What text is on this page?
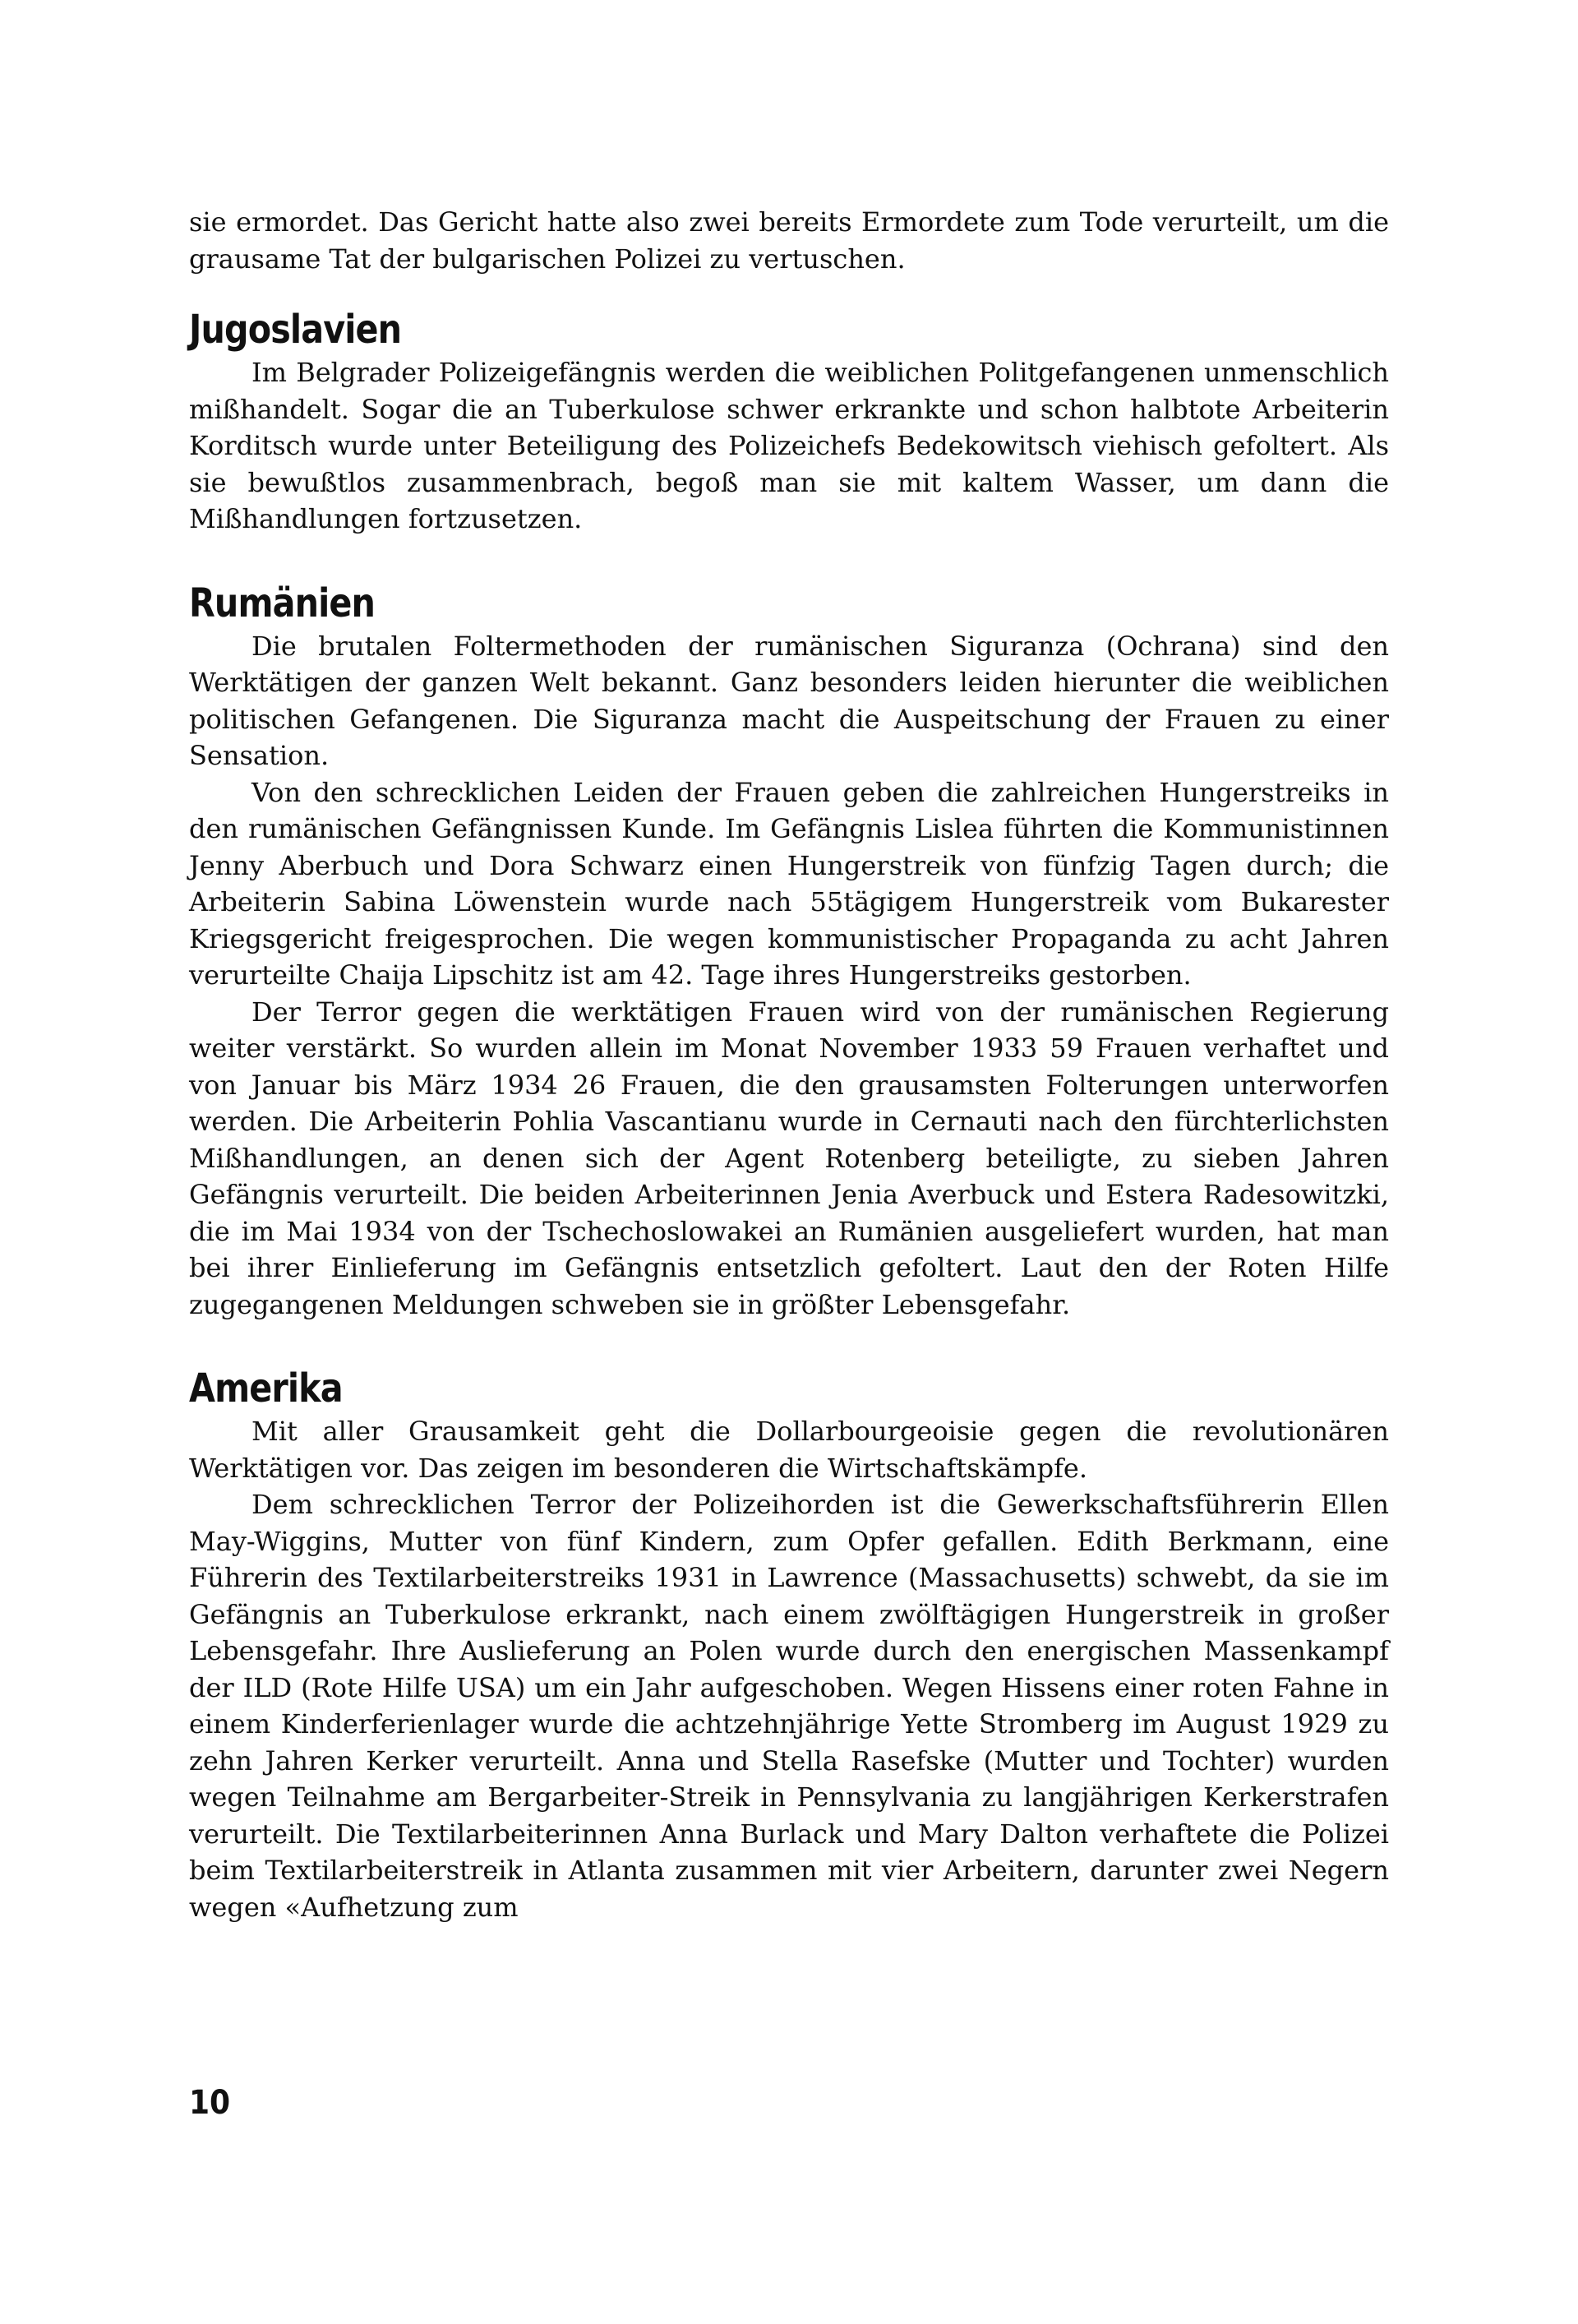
sie ermordet. Das Gericht hatte also zwei bereits Ermordete zum Tode verurteilt, um die grausame Tat der bulgarischen Polizei zu vertuschen.

Jugoslavien

Im Belgrader Polizeigefängnis werden die weiblichen Politgefangenen unmenschlich mißhandelt. Sogar die an Tuberkulose schwer erkrankte und schon halbtote Arbeiterin Korditsch wurde unter Beteiligung des Polizeichefs Bedekowitsch viehisch gefoltert. Als sie bewußtlos zusammenbrach, begoß man sie mit kaltem Wasser, um dann die Mißhandlungen fortzusetzen.

Rumänien

Die brutalen Foltermethoden der rumänischen Siguranza (Ochrana) sind den Werktätigen der ganzen Welt bekannt. Ganz besonders leiden hierunter die weiblichen politischen Gefangenen. Die Siguranza macht die Auspeitschung der Frauen zu einer Sensation.

Von den schrecklichen Leiden der Frauen geben die zahlreichen Hungerstreiks in den rumänischen Gefängnissen Kunde. Im Gefängnis Lislea führten die Kommunistinnen Jenny Aberbuch und Dora Schwarz einen Hungerstreik von fünfzig Tagen durch; die Arbeiterin Sabina Löwenstein wurde nach 55tägigem Hungerstreik vom Bukarester Kriegsgericht freigesprochen. Die wegen kommunistischer Propaganda zu acht Jahren verurteilte Chaija Lipschitz ist am 42. Tage ihres Hungerstreiks gestorben.

Der Terror gegen die werktätigen Frauen wird von der rumänischen Regierung weiter verstärkt. So wurden allein im Monat November 1933 59 Frauen verhaftet und von Januar bis März 1934 26 Frauen, die den grausamsten Folterungen unterworfen werden. Die Arbeiterin Pohlia Vascantianu wurde in Cernauti nach den fürchterlichsten Mißhandlungen, an denen sich der Agent Rotenberg beteiligte, zu sieben Jahren Gefängnis verurteilt. Die beiden Arbeiterinnen Jenia Averbuck und Estera Radesowitzki, die im Mai 1934 von der Tschechoslowakei an Rumänien ausgeliefert wurden, hat man bei ihrer Einlieferung im Gefängnis entsetzlich gefoltert. Laut den der Roten Hilfe zugegangenen Meldungen schweben sie in größter Lebensgefahr.

Amerika

Mit aller Grausamkeit geht die Dollarbourgeoisie gegen die revolutionären Werktätigen vor. Das zeigen im besonderen die Wirtschaftskämpfe.

Dem schrecklichen Terror der Polizeihorden ist die Gewerkschaftsführerin Ellen May-Wiggins, Mutter von fünf Kindern, zum Opfer gefallen. Edith Berkmann, eine Führerin des Textilarbeiterstreiks 1931 in Lawrence (Massachusetts) schwebt, da sie im Gefängnis an Tuberkulose erkrankt, nach einem zwölftägigen Hungerstreik in großer Lebensgefahr. Ihre Auslieferung an Polen wurde durch den energischen Massenkampf der ILD (Rote Hilfe USA) um ein Jahr aufgeschoben. Wegen Hissens einer roten Fahne in einem Kinderferienlager wurde die achtzehnjährige Yette Stromberg im August 1929 zu zehn Jahren Kerker verurteilt. Anna und Stella Rasefske (Mutter und Tochter) wurden wegen Teilnahme am Bergarbeiter-Streik in Pennsylvania zu langjährigen Kerkerstrafen verurteilt. Die Textilarbeiterinnen Anna Burlack und Mary Dalton verhaftete die Polizei beim Textilarbeiterstreik in Atlanta zusammen mit vier Arbeitern, darunter zwei Negern wegen «Aufhetzung zum

10
